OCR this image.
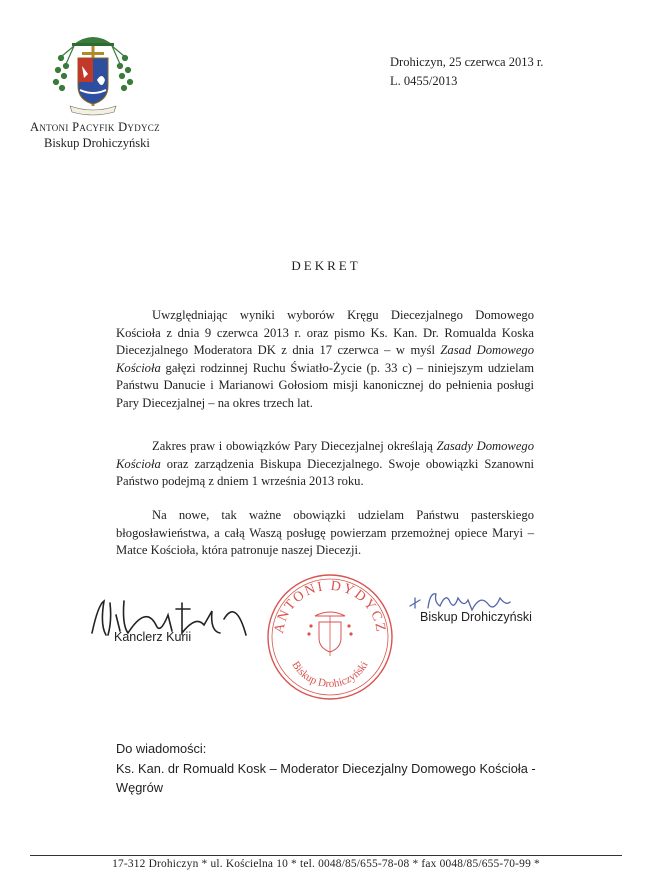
Antoni Pacyfik Dydycz
Biskup Drohiczyński
Drohiczyn, 25 czerwca 2013 r.
L. 0455/2013
DEKRET
Uwzględniając wyniki wyborów Kręgu Diecezjalnego Domowego Kościoła z dnia 9 czerwca 2013 r. oraz pismo Ks. Kan. Dr. Romualda Koska Diecezjalnego Moderatora DK z dnia 17 czerwca – w myśl Zasad Domowego Kościoła gałęzi rodzinnej Ruchu Światło-Życie (p. 33 c) – niniejszym udzielam Państwu Danucie i Marianowi Gołosiom misji kanonicznej do pełnienia posługi Pary Diecezjalnej – na okres trzech lat.
Zakres praw i obowiązków Pary Diecezjalnej określają Zasady Domowego Kościoła oraz zarządzenia Biskupa Diecezjalnego. Swoje obowiązki Szanowni Państwo podejmą z dniem 1 września 2013 roku.
Na nowe, tak ważne obowiązki udzielam Państwu pasterskiego błogosławieństwa, a całą Waszą posługę powierzam przemożnej opiece Maryi – Matce Kościoła, która patronuje naszej Diecezji.
Kanclerz Kurii
ANTONI DYDYCZ
Biskup Drohiczyński
Biskup Drohiczyński
Do wiadomości:
Ks. Kan. dr Romuald Kosk – Moderator Diecezjalny Domowego Kościoła - Węgrów
17-312 Drohiczyn * ul. Kościelna 10 * tel. 0048/85/655-78-08 * fax 0048/85/655-70-99 *
